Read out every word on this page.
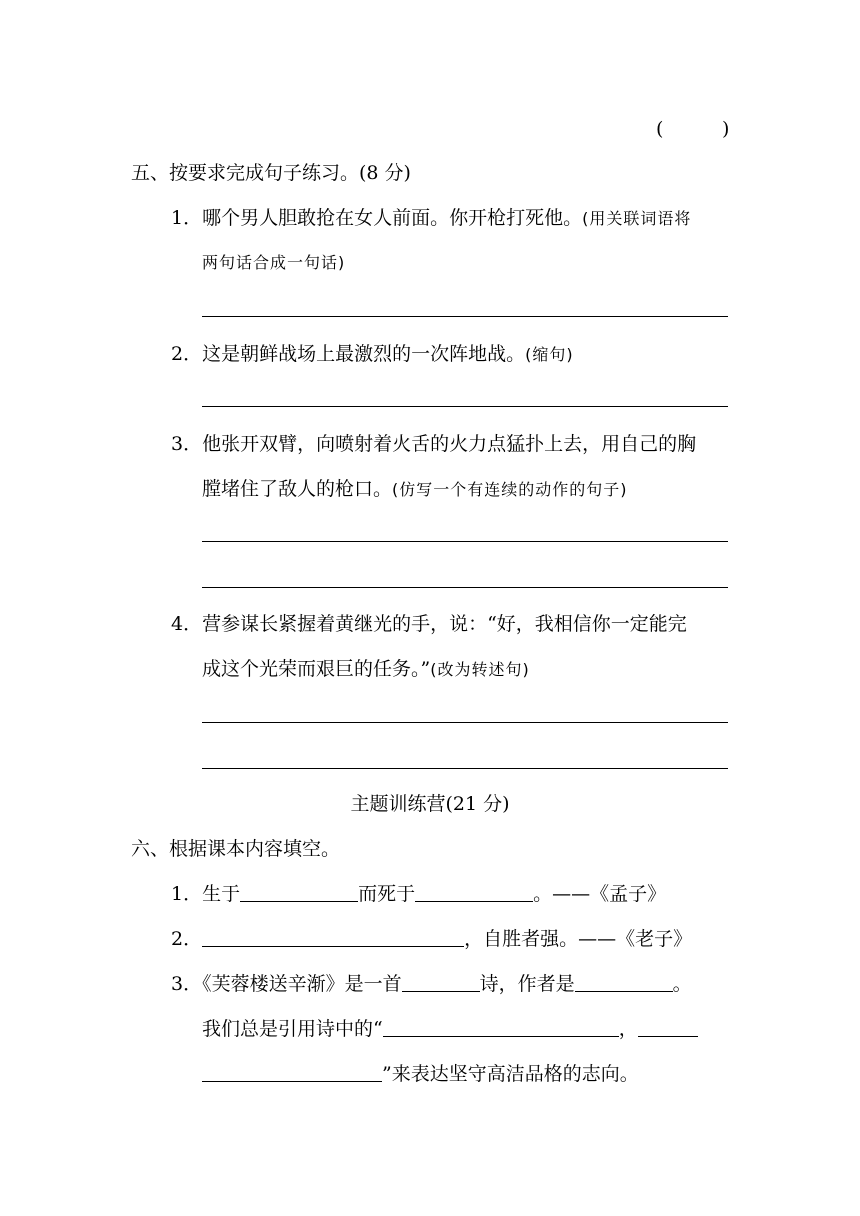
(	)
五、按要求完成句子练习。(8 分)
1．哪个男人胆敢抢在女人前面。你开枪打死他。(用关联词语将
两句话合成一句话)
2．这是朝鲜战场上最激烈的一次阵地战。(缩句)
3．他张开双臂，向喷射着火舌的火力点猛扑上去，用自己的胸
膛堵住了敌人的枪口。(仿写一个有连续的动作的句子)
4．营参谋长紧握着黄继光的手，说：“好，我相信你一定能完
成这个光荣而艰巨的任务。”(改为转述句)
主题训练营(21 分)
六、根据课本内容填空。
1．生于	而死于	。——《孟子》
2．	，自胜者强。——《老子》
3．《芙蓉楼送辛渐》是一首	诗，作者是	。
我们总是引用诗中的“	，
”来表达坚守高洁品格的志向。
